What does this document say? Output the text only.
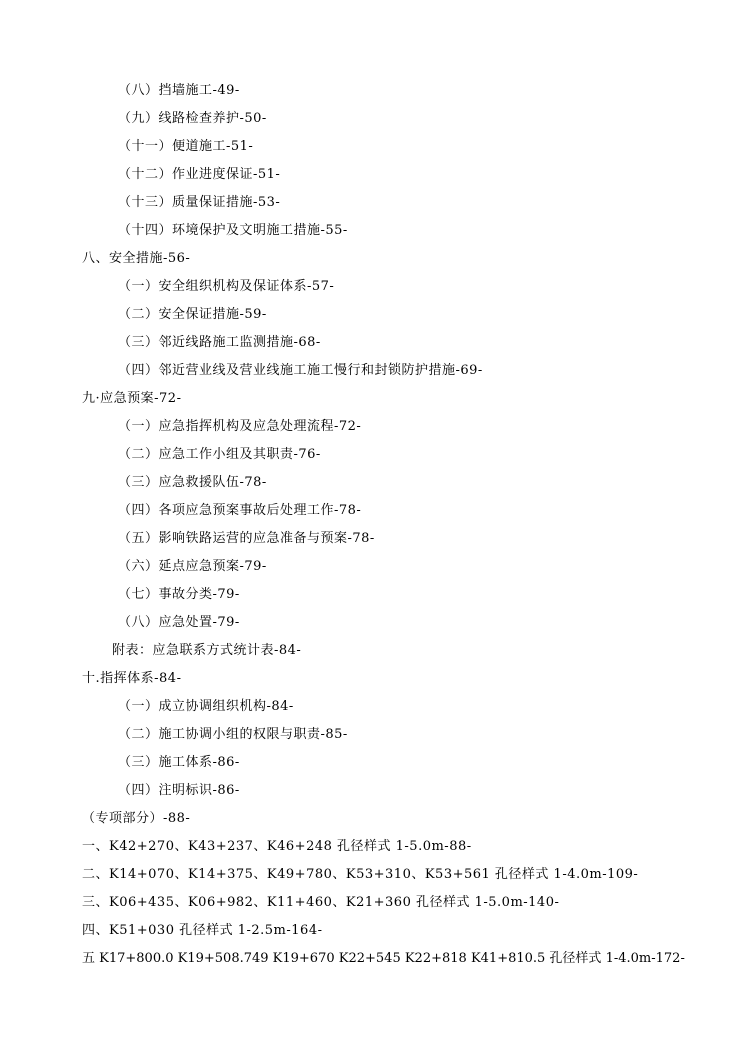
（八）挡墙施工-49-
（九）线路检查养护-50-
（十一）便道施工-51-
（十二）作业进度保证-51-
（十三）质量保证措施-53-
（十四）环境保护及文明施工措施-55-
八、安全措施-56-
（一）安全组织机构及保证体系-57-
（二）安全保证措施-59-
（三）邻近线路施工监测措施-68-
（四）邻近营业线及营业线施工施工慢行和封锁防护措施-69-
九·应急预案-72-
（一）应急指挥机构及应急处理流程-72-
（二）应急工作小组及其职责-76-
（三）应急救援队伍-78-
（四）各项应急预案事故后处理工作-78-
（五）影响铁路运营的应急准备与预案-78-
（六）延点应急预案-79-
（七）事故分类-79-
（八）应急处置-79-
附表：应急联系方式统计表-84-
十.指挥体系-84-
（一）成立协调组织机构-84-
（二）施工协调小组的权限与职责-85-
（三）施工体系-86-
（四）注明标识-86-
（专项部分）-88-
一、K42+270、K43+237、K46+248 孔径样式 1-5.0m-88-
二、K14+070、K14+375、K49+780、K53+310、K53+561 孔径样式 1-4.0m-109-
三、K06+435、K06+982、K11+460、K21+360 孔径样式 1-5.0m-140-
四、K51+030 孔径样式 1-2.5m-164-
五 K17+800.0 K19+508.749 K19+670 K22+545 K22+818 K41+810.5 孔径样式 1-4.0m-172-
